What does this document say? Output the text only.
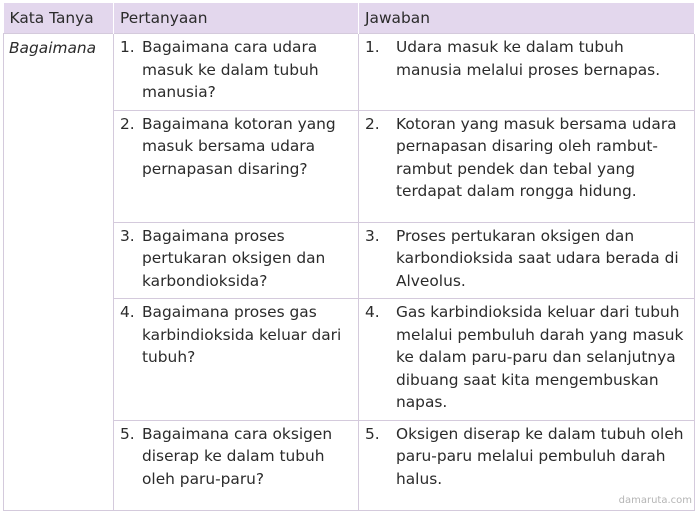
Kata Tanya	Pertanyaan	Jawaban
Bagaimana	1. Bagaimana cara udara masuk ke dalam tubuh manusia?	1. Udara masuk ke dalam tubuh manusia melalui proses bernapas.

	2. Bagaimana kotoran yang masuk bersama udara pernapasan disaring?	2. Kotoran yang masuk bersama udara pernapasan disaring oleh rambut-rambut pendek dan tebal yang terdapat dalam rongga hidung.

	3. Bagaimana proses pertukaran oksigen dan karbondioksida?	3. Proses pertukaran oksigen dan karbondioksida saat udara berada di Alveolus.

	4. Bagaimana proses gas karbindioksida keluar dari tubuh?	4. Gas karbindioksida keluar dari tubuh melalui pembuluh darah yang masuk ke dalam paru-paru dan selanjutnya dibuang saat kita mengembuskan napas.

	5. Bagaimana cara oksigen diserap ke dalam tubuh oleh paru-paru?	5. Oksigen diserap ke dalam tubuh oleh paru-paru melalui pembuluh darah halus.
damaruta.com
